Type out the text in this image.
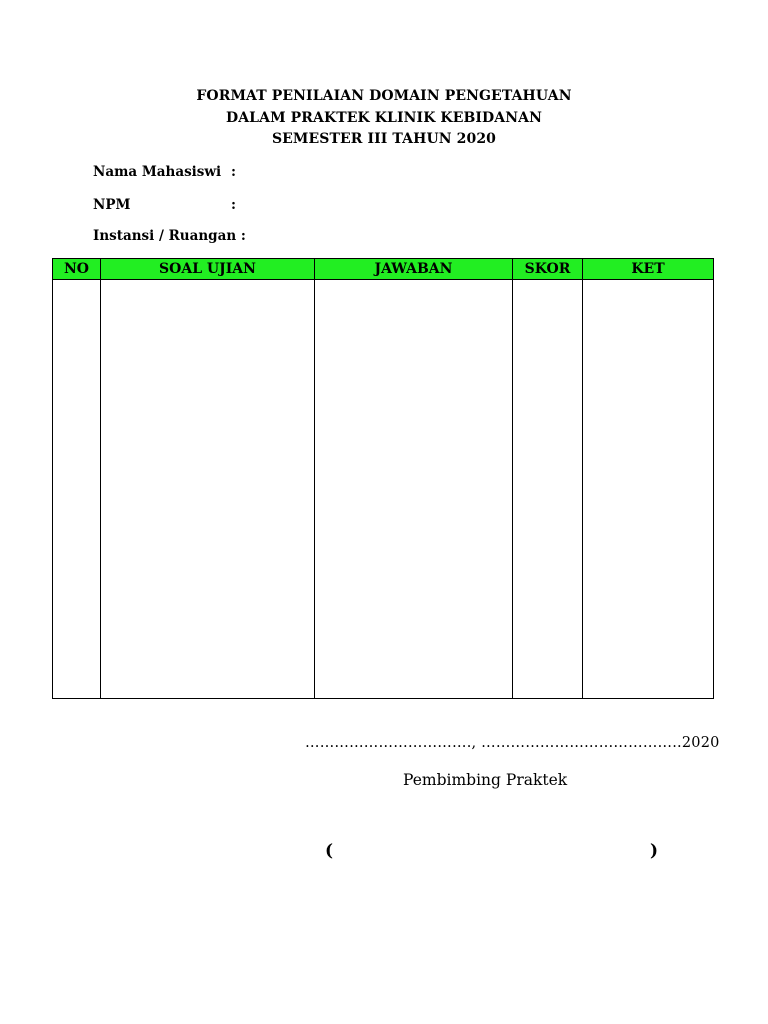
FORMAT PENILAIAN DOMAIN PENGETAHUAN
DALAM PRAKTEK KLINIK KEBIDANAN
SEMESTER III TAHUN 2020
Nama Mahasiswi :
NPM	:
Instansi / Ruangan :
NO	SOAL UJIAN	JAWABAN	SKOR	KET

……………………………., …………………………………..2020
Pembimbing Praktek
(	)
